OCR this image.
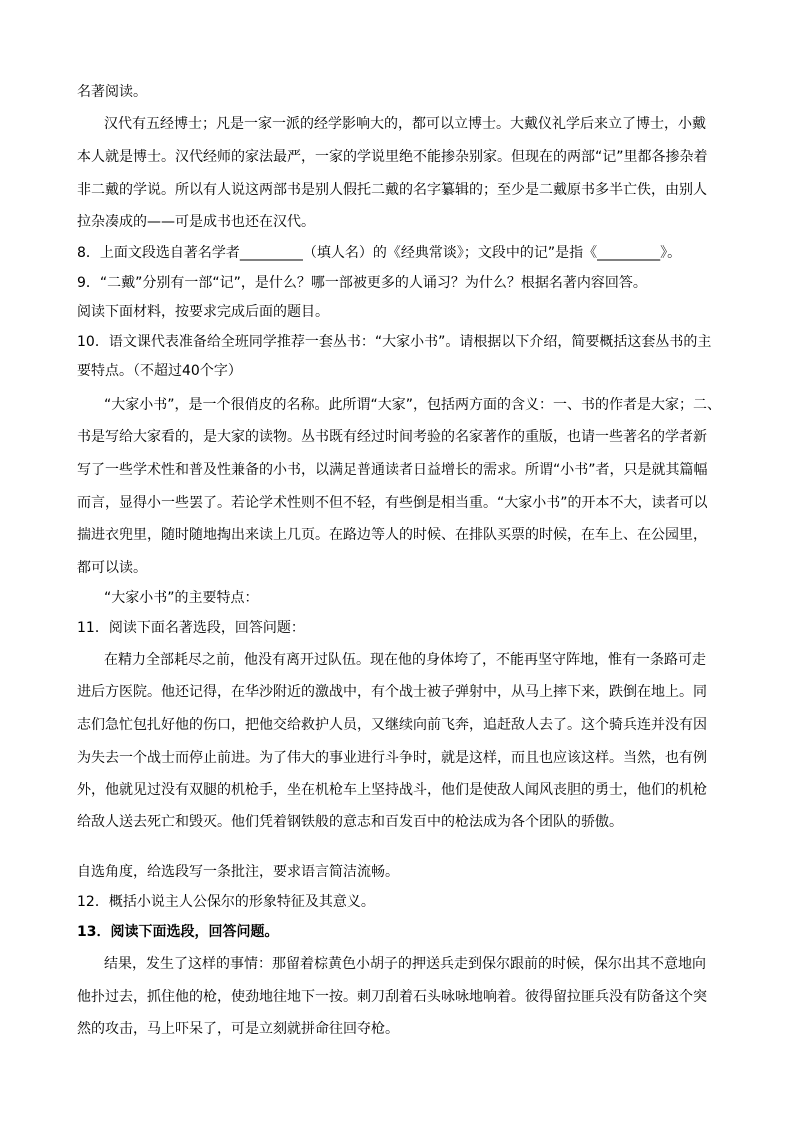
名著阅读。
汉代有五经博士；凡是一家一派的经学影响大的，都可以立博士。大戴仪礼学后来立了博士，小戴
本人就是博士。汉代经师的家法最严，一家的学说里绝不能掺杂别家。但现在的两部“记”里都各掺杂着
非二戴的学说。所以有人说这两部书是别人假托二戴的名字纂辑的；至少是二戴原书多半亡佚，由别人
拉杂凑成的——可是成书也还在汉代。
8．上面文段选自著名学者_________（填人名）的《经典常谈》；文段中的记”是指《_________》。
9．“二戴”分别有一部“记”，是什么？哪一部被更多的人诵习？为什么？根据名著内容回答。
阅读下面材料，按要求完成后面的题目。
10．语文课代表准备给全班同学推荐一套丛书：“大家小书”。请根据以下介绍，简要概括这套丛书的主
要特点。（不超过40个字）
“大家小书”，是一个很俏皮的名称。此所谓“大家”，包括两方面的含义：一、书的作者是大家；二、
书是写给大家看的，是大家的读物。丛书既有经过时间考验的名家著作的重版，也请一些著名的学者新
写了一些学术性和普及性兼备的小书，以满足普通读者日益增长的需求。所谓“小书”者，只是就其篇幅
而言，显得小一些罢了。若论学术性则不但不轻，有些倒是相当重。“大家小书”的开本不大，读者可以
揣进衣兜里，随时随地掏出来读上几页。在路边等人的时候、在排队买票的时候，在车上、在公园里，
都可以读。
“大家小书”的主要特点：
11．阅读下面名著选段，回答问题：
在精力全部耗尽之前，他没有离开过队伍。现在他的身体垮了，不能再坚守阵地，惟有一条路可走
进后方医院。他还记得，在华沙附近的激战中，有个战士被子弹射中，从马上摔下来，跌倒在地上。同
志们急忙包扎好他的伤口，把他交给救护人员，又继续向前飞奔，追赶敌人去了。这个骑兵连并没有因
为失去一个战士而停止前进。为了伟大的事业进行斗争时，就是这样，而且也应该这样。当然，也有例
外，他就见过没有双腿的机枪手，坐在机枪车上坚持战斗，他们是使敌人闻风丧胆的勇士，他们的机枪
给敌人送去死亡和毁灭。他们凭着钢铁般的意志和百发百中的枪法成为各个团队的骄傲。
自选角度，给选段写一条批注，要求语言简洁流畅。
12．概括小说主人公保尔的形象特征及其意义。
13．阅读下面选段，回答问题。
结果，发生了这样的事情：那留着棕黄色小胡子的押送兵走到保尔跟前的时候，保尔出其不意地向
他扑过去，抓住他的枪，使劲地往地下一按。刺刀刮着石头咏咏地响着。彼得留拉匪兵没有防备这个突
然的攻击，马上吓呆了，可是立刻就拼命往回夺枪。
